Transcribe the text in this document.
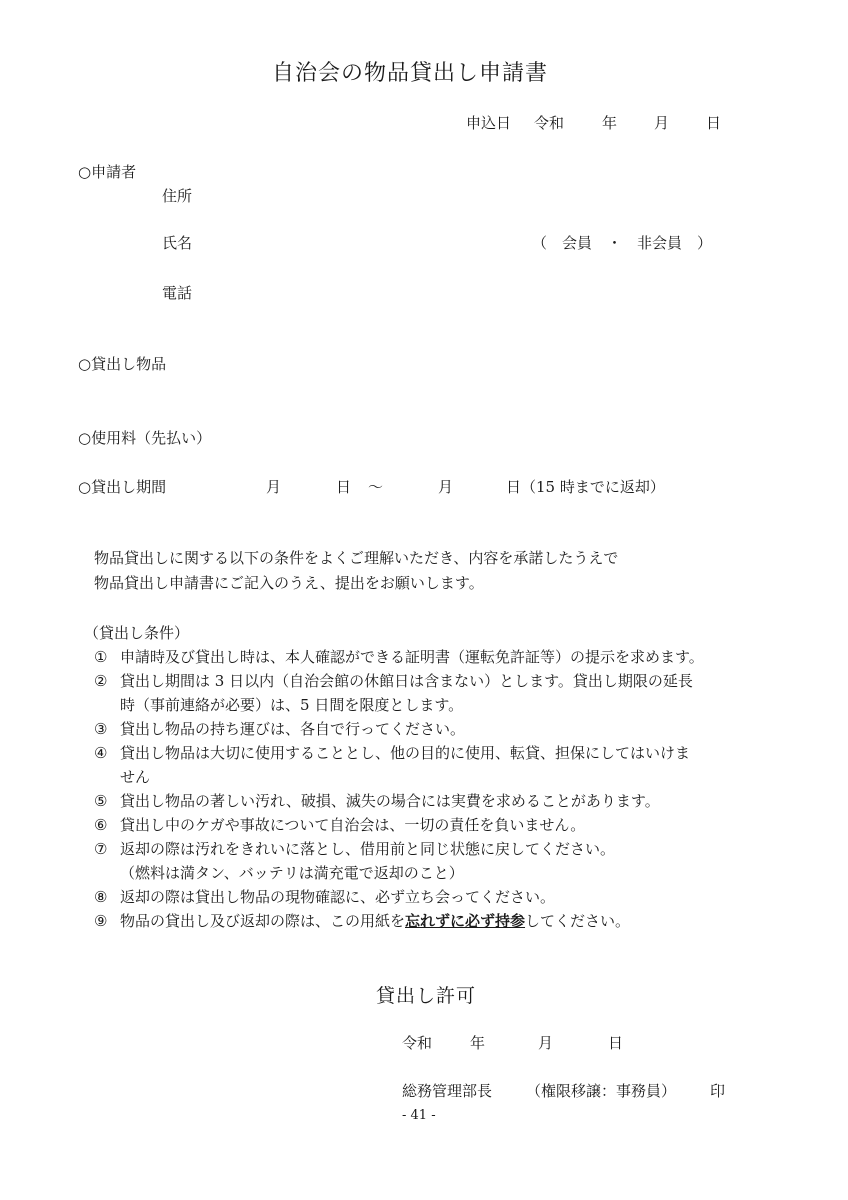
自治会の物品貸出し申請書
申込日 令和	年 月 日
○申請者
住所
氏名	（　会員　・　非会員　）
電話
○貸出し物品
○使用料（先払い）
○貸出し期間	月	日 ～	月	日（15 時までに返却）
物品貸出しに関する以下の条件をよくご理解いただき、内容を承諾したうえで
物品貸出し申請書にご記入のうえ、提出をお願いします。
（貸出し条件）
① 申請時及び貸出し時は、本人確認ができる証明書（運転免許証等）の提示を求めます。
② 貸出し期間は 3 日以内（自治会館の休館日は含まない）とします。貸出し期限の延長
時（事前連絡が必要）は、5 日間を限度とします。
③ 貸出し物品の持ち運びは、各自で行ってください。
④ 貸出し物品は大切に使用することとし、他の目的に使用、転貸、担保にしてはいけま
せん
⑤ 貸出し物品の著しい汚れ、破損、滅失の場合には実費を求めることがあります。
⑥ 貸出し中のケガや事故について自治会は、一切の責任を負いません。
⑦ 返却の際は汚れをきれいに落とし、借用前と同じ状態に戻してください。
（燃料は満タン、バッテリは満充電で返却のこと）
⑧ 返却の際は貸出し物品の現物確認に、必ず立ち会ってください。
⑨ 物品の貸出し及び返却の際は、この用紙を忘れずに必ず持参してください。
貸出し許可
令和	年	月	日
総務管理部長 （権限移譲：事務員） 印
- 41 -
